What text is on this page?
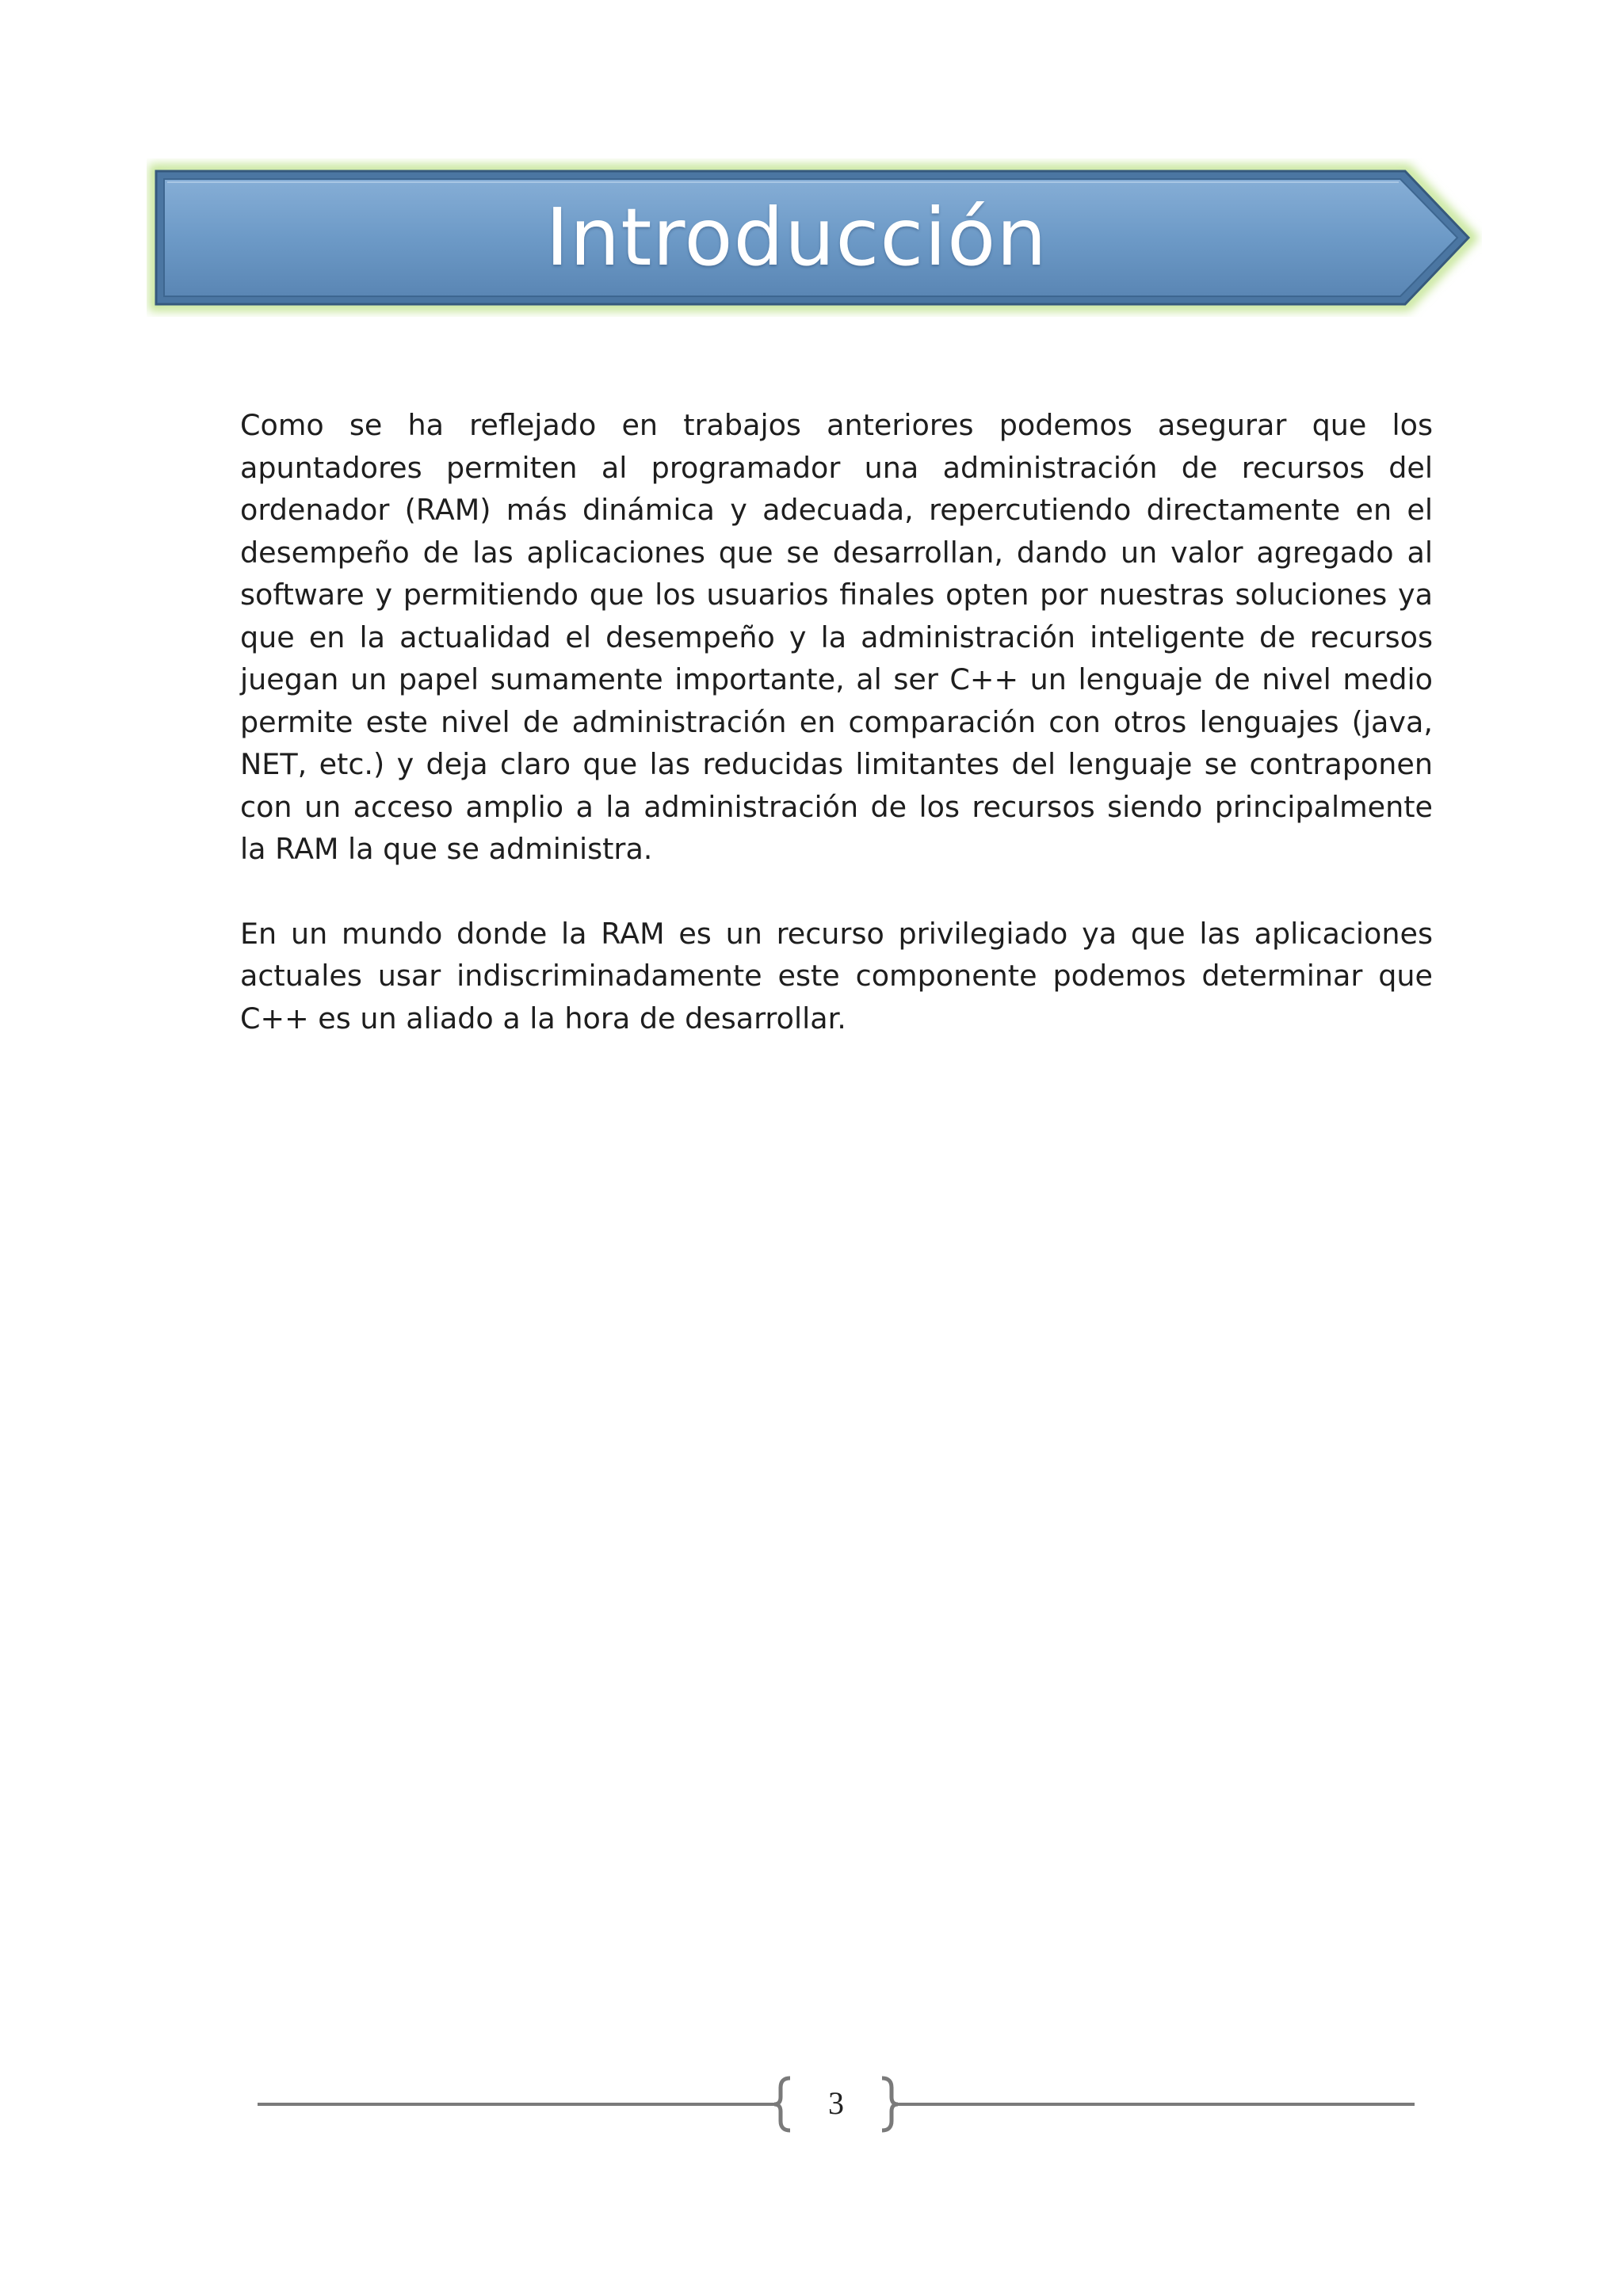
Introducción

Como se ha reflejado en trabajos anteriores podemos asegurar que los apuntadores permiten al programador una administración de recursos del ordenador (RAM) más dinámica y adecuada, repercutiendo directamente en el desempeño de las aplicaciones que se desarrollan, dando un valor agregado al software y permitiendo que los usuarios finales opten por nuestras soluciones ya que en la actualidad el desempeño y la administración inteligente de recursos juegan un papel sumamente importante, al ser C++ un lenguaje de nivel medio permite este nivel de administración en comparación con otros lenguajes (java, NET, etc.) y deja claro que las reducidas limitantes del lenguaje se contraponen con un acceso amplio a la administración de los recursos siendo principalmente la RAM la que se administra.

En un mundo donde la RAM es un recurso privilegiado ya que las aplicaciones actuales usar indiscriminadamente este componente podemos determinar que C++ es un aliado a la hora de desarrollar.

3
